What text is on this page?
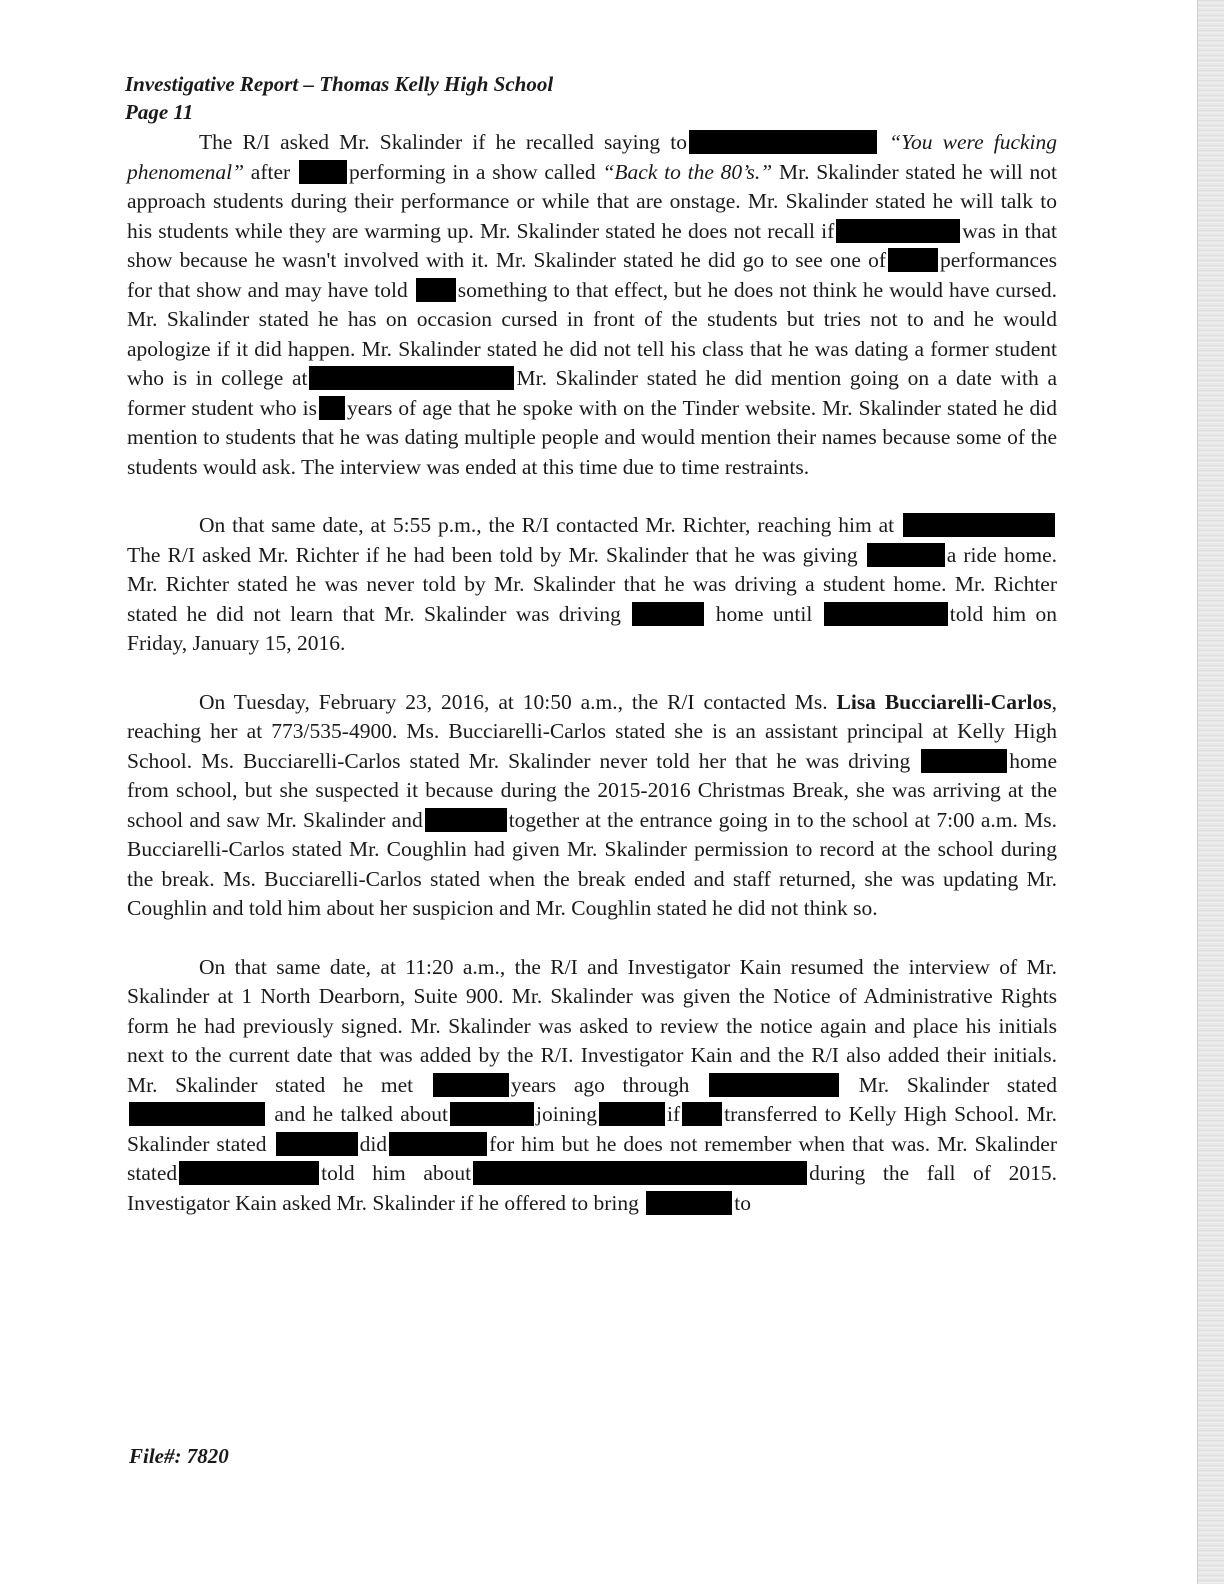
Investigative Report – Thomas Kelly High School
Page 11

The R/I asked Mr. Skalinder if he recalled saying to	“You were fucking phenomenal” after	performing in a show called “Back to the 80’s.” Mr. Skalinder stated he will not approach students during their performance or while that are onstage. Mr. Skalinder stated he will talk to his students while they are warming up. Mr. Skalinder stated he does not recall if	was in that show because he wasn't involved with it. Mr. Skalinder stated he did go to see one of	performances for that show and may have told something to that effect, but he does not think he would have cursed. Mr. Skalinder stated he has on occasion cursed in front of the students but tries not to and he would apologize if it did happen. Mr. Skalinder stated he did not tell his class that he was dating a former student who is in college at	Mr. Skalinder stated he did mention going on a date with a former student who is years of age that he spoke with on the Tinder website. Mr. Skalinder stated he did mention to students that he was dating multiple people and would mention their names because some of the students would ask. The interview was ended at this time due to time restraints.

On that same date, at 5:55 p.m., the R/I contacted Mr. Richter, reaching him at The R/I asked Mr. Richter if he had been told by Mr. Skalinder that he was giving	a ride home. Mr. Richter stated he was never told by Mr. Skalinder that he was driving a student home. Mr. Richter stated he did not learn that Mr. Skalinder was driving	home until	told him on Friday, January 15, 2016.

On Tuesday, February 23, 2016, at 10:50 a.m., the R/I contacted Ms. Lisa Bucciarelli-Carlos, reaching her at 773/535-4900. Ms. Bucciarelli-Carlos stated she is an assistant principal at Kelly High School. Ms. Bucciarelli-Carlos stated Mr. Skalinder never told her that he was driving	home from school, but she suspected it because during the 2015-2016 Christmas Break, she was arriving at the school and saw Mr. Skalinder and	together at the entrance going in to the school at 7:00 a.m. Ms. Bucciarelli-Carlos stated Mr. Coughlin had given Mr. Skalinder permission to record at the school during the break. Ms. Bucciarelli-Carlos stated when the break ended and staff returned, she was updating Mr. Coughlin and told him about her suspicion and Mr. Coughlin stated he did not think so.

On that same date, at 11:20 a.m., the R/I and Investigator Kain resumed the interview of Mr. Skalinder at 1 North Dearborn, Suite 900. Mr. Skalinder was given the Notice of Administrative Rights form he had previously signed. Mr. Skalinder was asked to review the notice again and place his initials next to the current date that was added by the R/I. Investigator Kain and the R/I also added their initials. Mr. Skalinder stated he met	years ago through	Mr. Skalinder stated  and he talked about	joining	if transferred to Kelly High School. Mr. Skalinder stated	did	for him but he does not remember when that was. Mr. Skalinder stated	told him about	during the fall of 2015. Investigator Kain asked Mr. Skalinder if he offered to bring	to

File#: 7820
